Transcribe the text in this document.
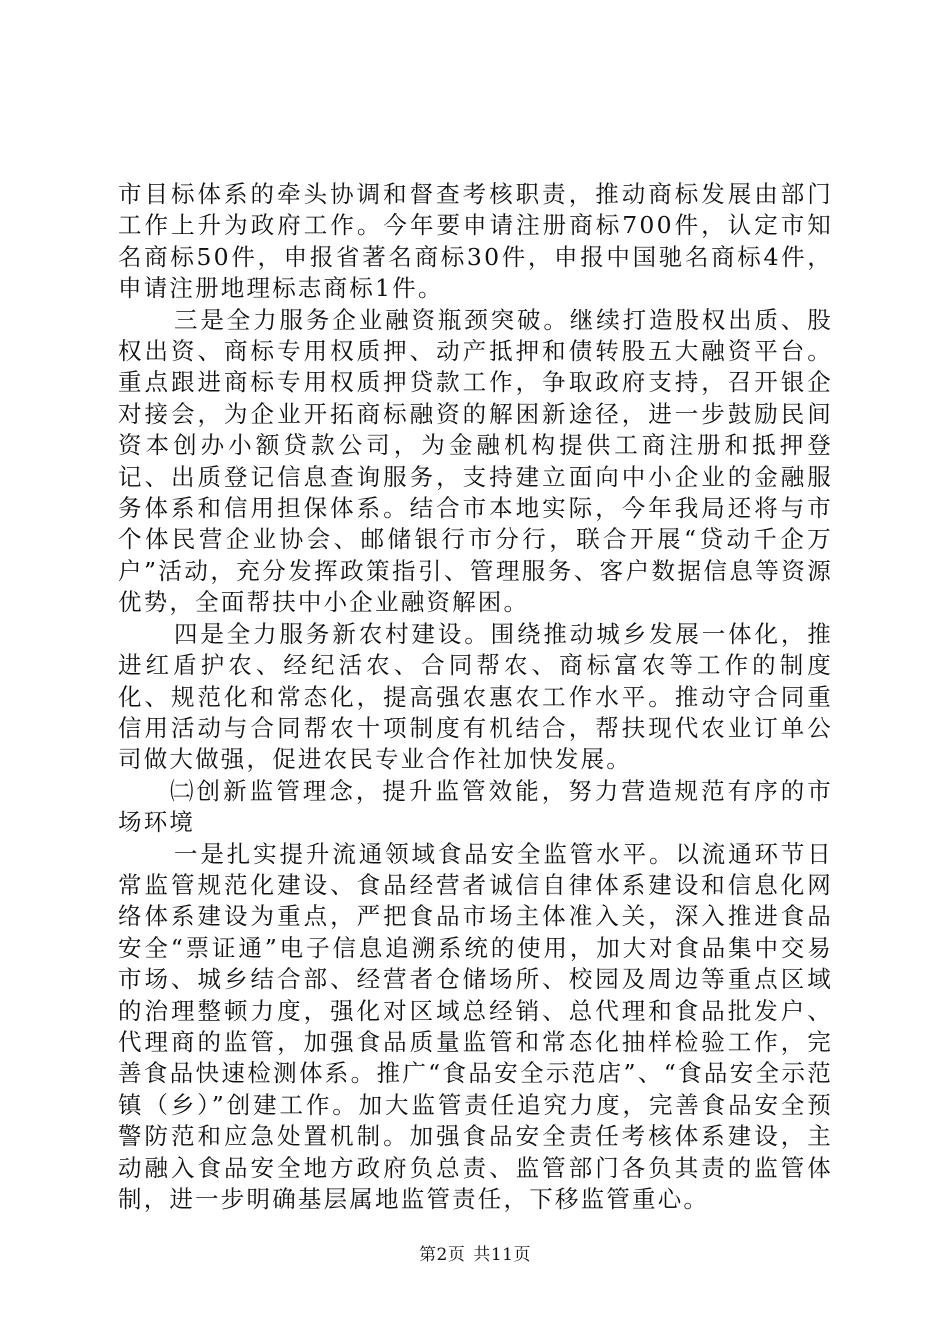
市目标体系的牵头协调和督查考核职责，推动商标发展由部门工作上升为政府工作。今年要申请注册商标700件，认定市知名商标50件，申报省著名商标30件，申报中国驰名商标4件，申请注册地理标志商标1件。

三是全力服务企业融资瓶颈突破。继续打造股权出质、股权出资、商标专用权质押、动产抵押和债转股五大融资平台。重点跟进商标专用权质押贷款工作，争取政府支持，召开银企对接会，为企业开拓商标融资的解困新途径，进一步鼓励民间资本创办小额贷款公司，为金融机构提供工商注册和抵押登记、出质登记信息查询服务，支持建立面向中小企业的金融服务体系和信用担保体系。结合市本地实际，今年我局还将与市个体民营企业协会、邮储银行市分行，联合开展“贷动千企万户”活动，充分发挥政策指引、管理服务、客户数据信息等资源优势，全面帮扶中小企业融资解困。

四是全力服务新农村建设。围绕推动城乡发展一体化，推进红盾护农、经纪活农、合同帮农、商标富农等工作的制度化、规范化和常态化，提高强农惠农工作水平。推动守合同重信用活动与合同帮农十项制度有机结合，帮扶现代农业订单公司做大做强，促进农民专业合作社加快发展。

㈡创新监管理念，提升监管效能，努力营造规范有序的市场环境

一是扎实提升流通领域食品安全监管水平。以流通环节日常监管规范化建设、食品经营者诚信自律体系建设和信息化网络体系建设为重点，严把食品市场主体准入关，深入推进食品安全“票证通”电子信息追溯系统的使用，加大对食品集中交易市场、城乡结合部、经营者仓储场所、校园及周边等重点区域的治理整顿力度，强化对区域总经销、总代理和食品批发户、代理商的监管，加强食品质量监管和常态化抽样检验工作，完善食品快速检测体系。推广“食品安全示范店”、“食品安全示范镇（乡）”创建工作。加大监管责任追究力度，完善食品安全预警防范和应急处置机制。加强食品安全责任考核体系建设，主动融入食品安全地方政府负总责、监管部门各负其责的监管体制，进一步明确基层属地监管责任，下移监管重心。

第2页 共11页
